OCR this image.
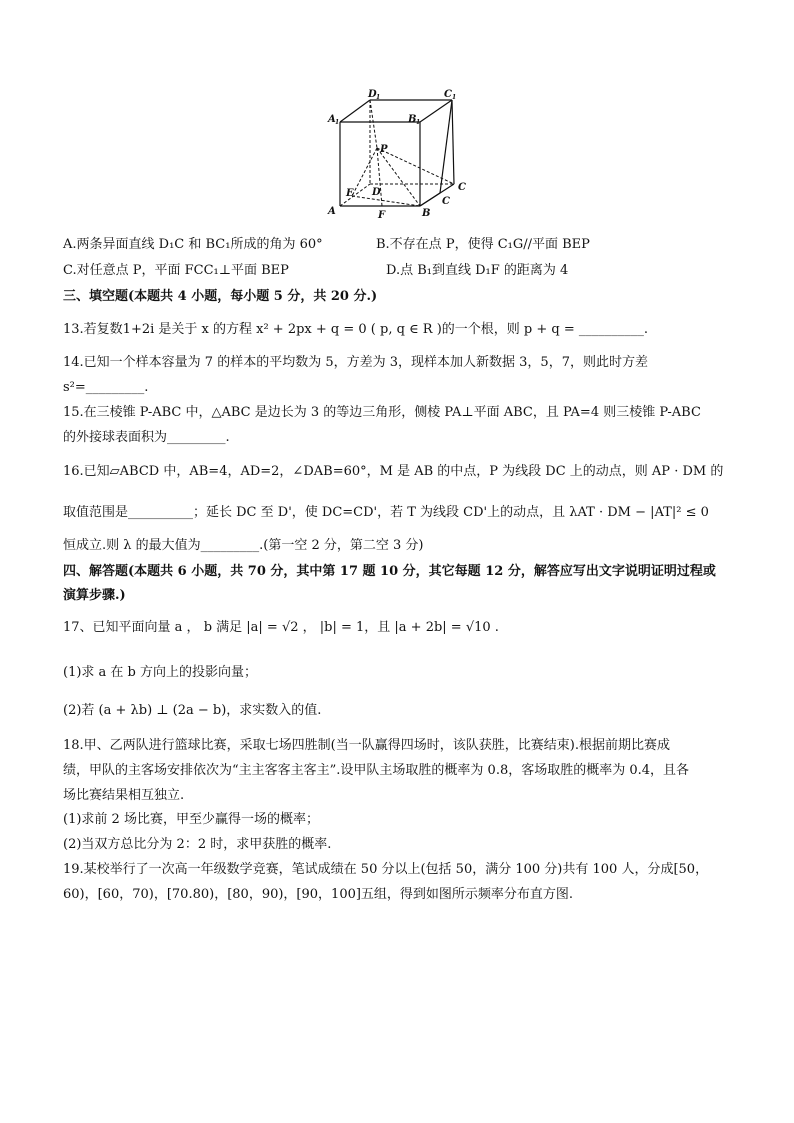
D 1	C 1
A 1	B 1
P
E D	C
C
A	F	B
A.两条异面直线 D₁C 和 BC₁所成的角为 60°	B.不存在点 P，使得 C₁G//平面 BEP
C.对任意点 P，平面 FCC₁⊥平面 BEP	D.点 B₁到直线 D₁F 的距离为 4
三、填空题(本题共 4 小题，每小题 5 分，共 20 分.)
13.若复数1+2i 是关于 x 的方程 x² + 2px + q = 0 ( p, q ∈ R )的一个根，则 p + q = __________.
14.已知一个样本容量为 7 的样本的平均数为 5，方差为 3，现样本加人新数据 3，5，7，则此时方差
s²=_________.
15.在三棱锥 P-ABC 中，△ABC 是边长为 3 的等边三角形，侧棱 PA⊥平面 ABC，且 PA=4 则三棱锥 P-ABC
的外接球表面积为_________.
16.已知▱ABCD 中，AB=4，AD=2，∠DAB=60°，M 是 AB 的中点，P 为线段 DC 上的动点，则 AP · DM 的
取值范围是__________；延长 DC 至 D'，使 DC=CD'，若 T 为线段 CD'上的动点，且 λAT · DM − |AT|² ≤ 0
恒成立.则 λ 的最大值为_________.(第一空 2 分，第二空 3 分)
四、解答题(本题共 6 小题，共 70 分，其中第 17 题 10 分，其它每题 12 分，解答应写出文字说明证明过程或
演算步骤.)
17、已知平面向量 a ， b 满足 |a| = √2 ， |b| = 1，且 |a + 2b| = √10 .
(1)求 a 在 b 方向上的投影向量；
(2)若 (a + λb) ⊥ (2a − b)，求实数入的值.
18.甲、乙两队进行篮球比赛，采取七场四胜制(当一队赢得四场时，该队获胜，比赛结束).根据前期比赛成
绩，甲队的主客场安排依次为“主主客客主客主”.设甲队主场取胜的概率为 0.8，客场取胜的概率为 0.4，且各
场比赛结果相互独立.
(1)求前 2 场比赛，甲至少赢得一场的概率；
(2)当双方总比分为 2：2 时，求甲获胜的概率.
19.某校举行了一次高一年级数学竞赛，笔试成绩在 50 分以上(包括 50，满分 100 分)共有 100 人，分成[50，
60)，[60，70)，[70.80)，[80，90)，[90，100]五组，得到如图所示频率分布直方图.
